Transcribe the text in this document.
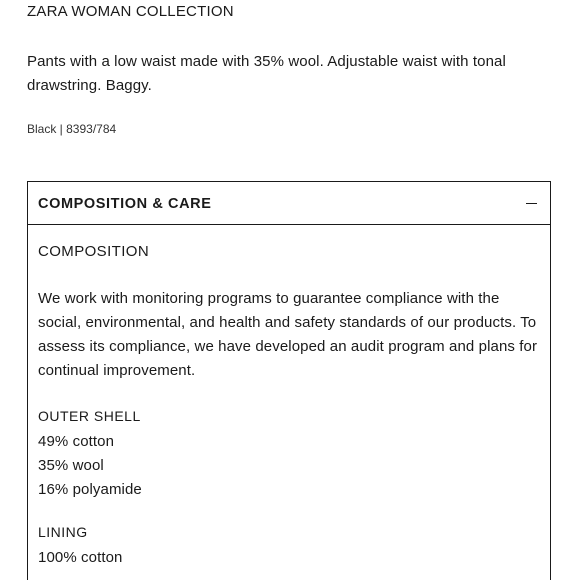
ZARA WOMAN COLLECTION
Pants with a low waist made with 35% wool. Adjustable waist with tonal drawstring. Baggy.
Black | 8393/784
COMPOSITION & CARE
COMPOSITION
We work with monitoring programs to guarantee compliance with the social, environmental, and health and safety standards of our products. To assess its compliance, we have developed an audit program and plans for continual improvement.
OUTER SHELL
49% cotton
35% wool
16% polyamide
LINING
100% cotton
